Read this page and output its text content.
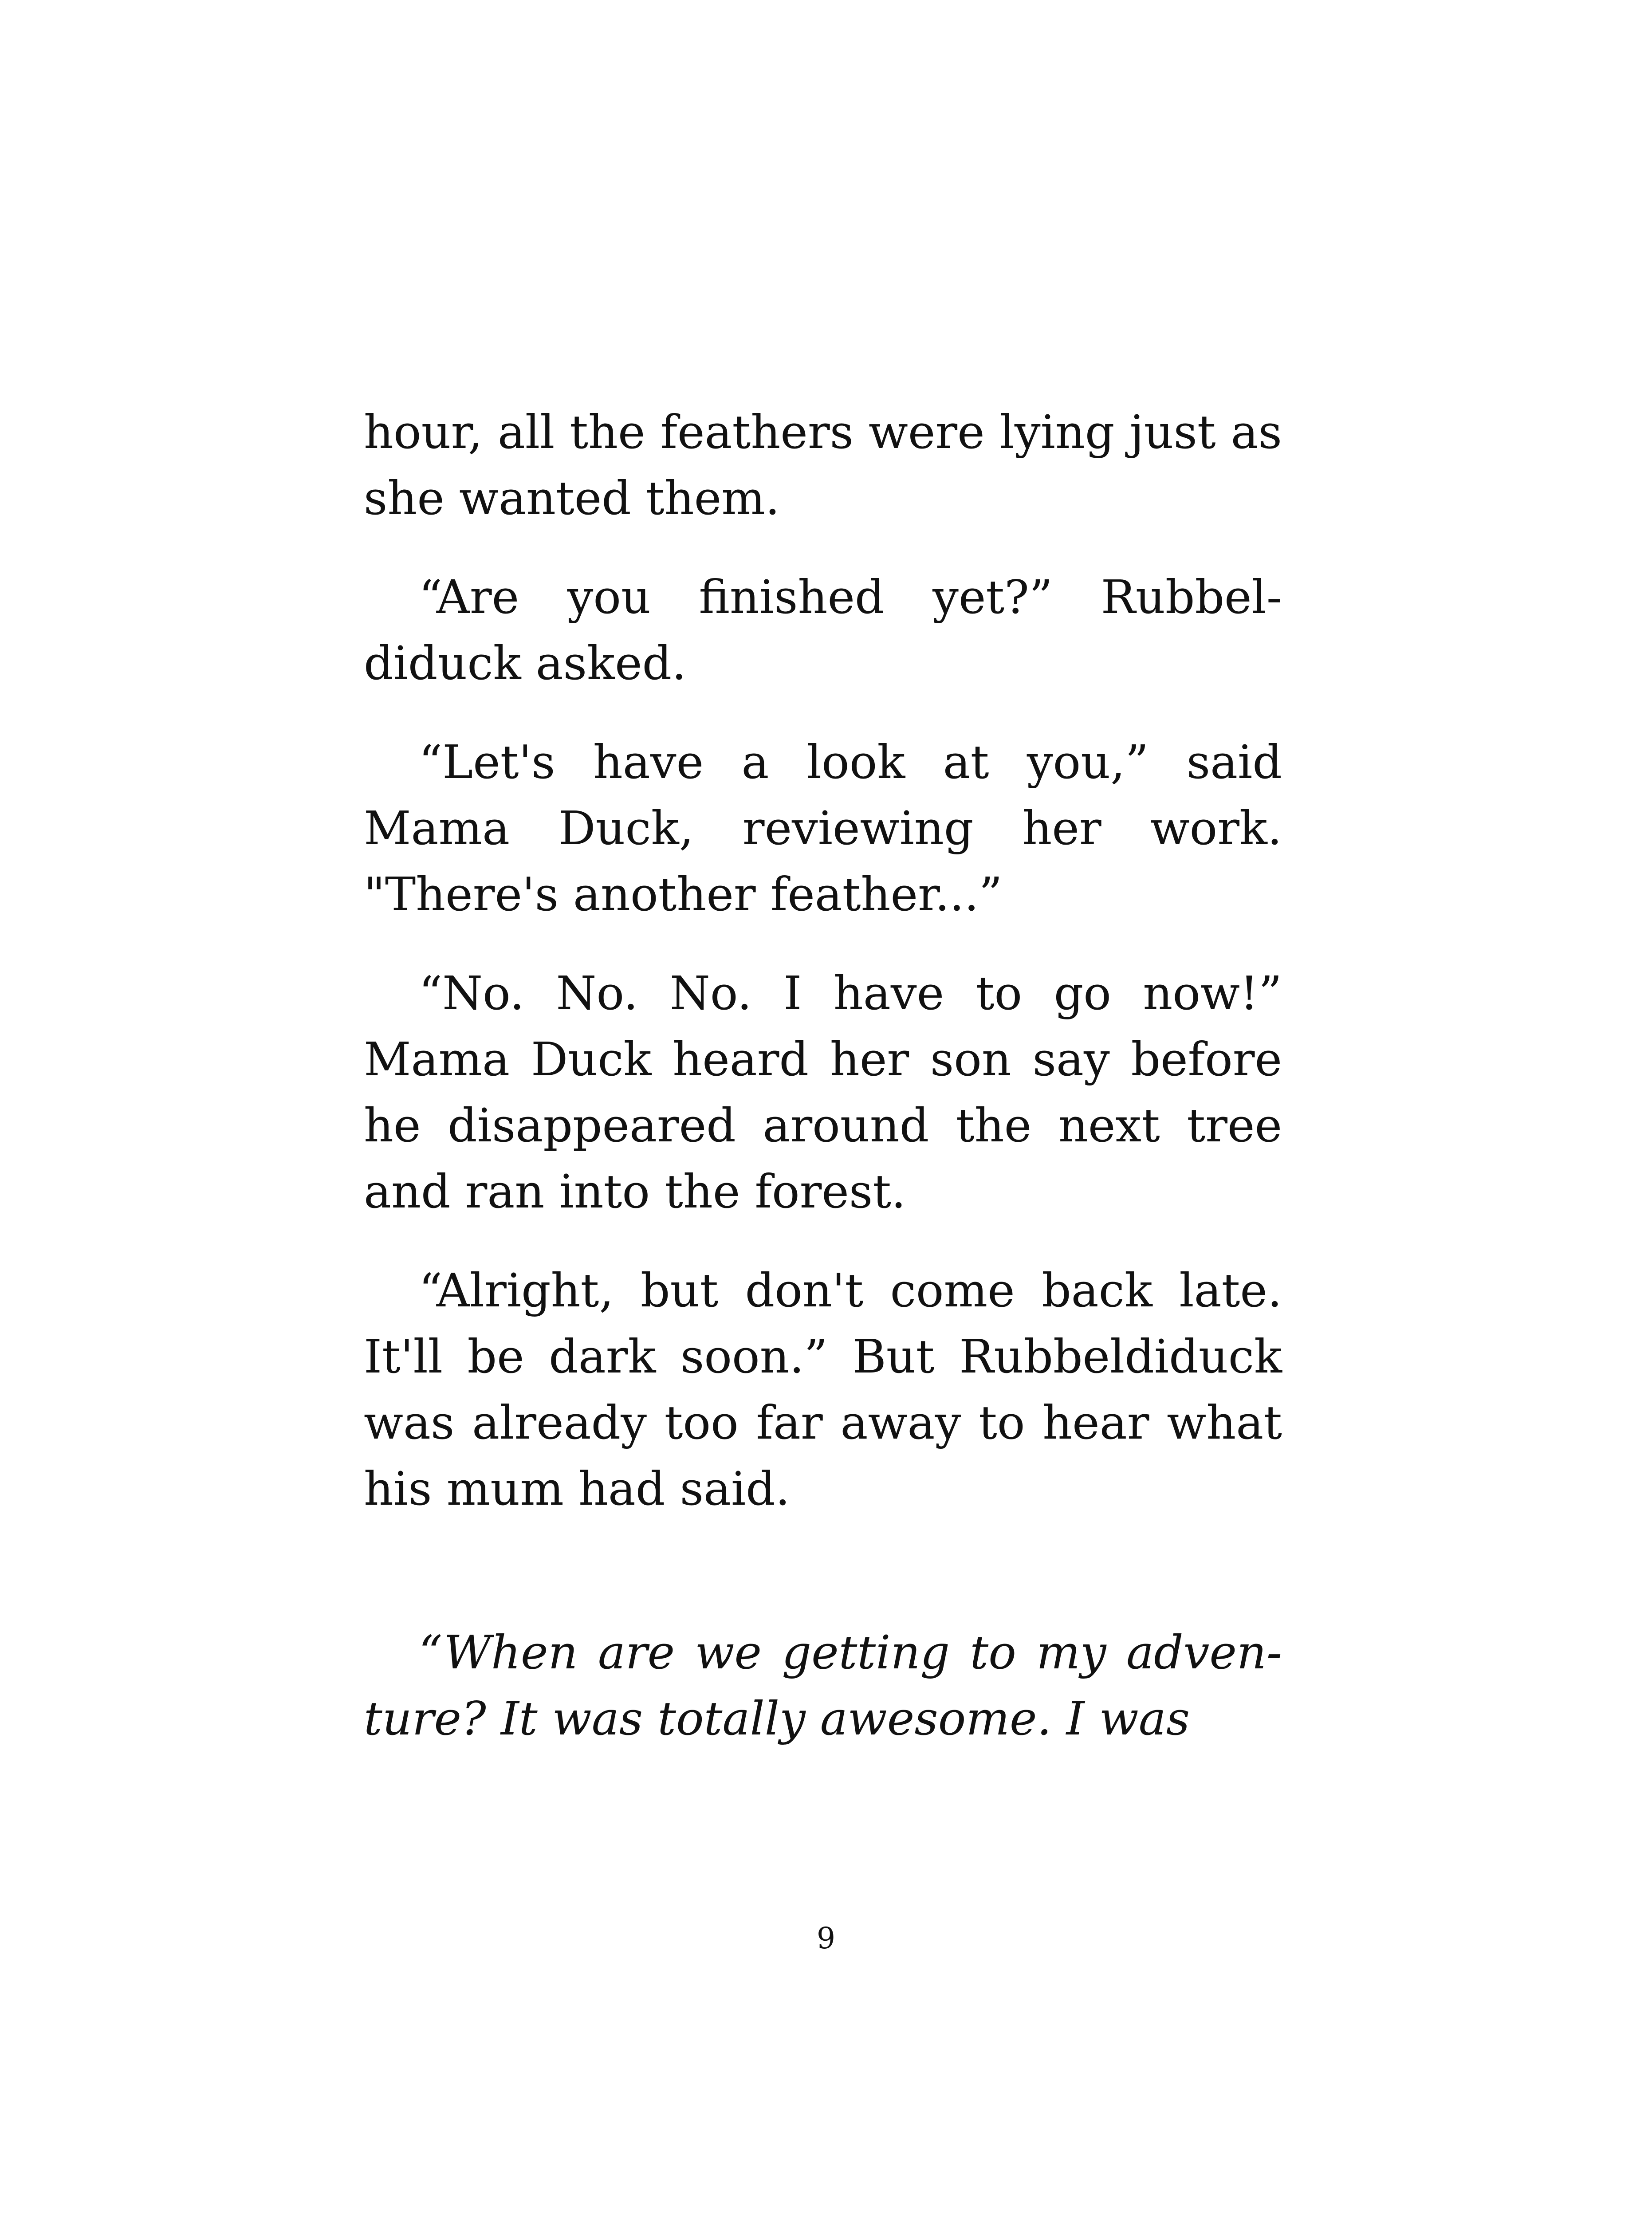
hour, all the feathers were lying just as she wanted them.

“Are you finished yet?” Rubbeldiduck asked.

“Let's have a look at you,” said Mama Duck, reviewing her work. "There's another feather...”

“No. No. No. I have to go now!” Mama Duck heard her son say before he disappeared around the next tree and ran into the forest.

“Alright, but don't come back late. It'll be dark soon.” But Rubbeldiduck was already too far away to hear what his mum had said.

“When are we getting to my adventure? It was totally awesome. I was

9
